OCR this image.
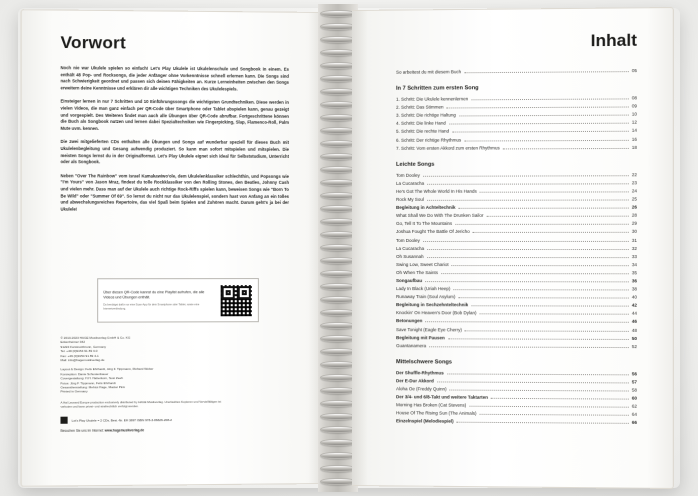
Vorwort
Noch nie war Ukulele spielen so einfach! Let's Play Ukulele ist Ukulelenschule und Songbook in einem. Es enthält 48 Pop- und Rocksongs, die jeder Anfänger ohne Vorkenntnisse schnell erlernen kann. Die Songs sind nach Schwierigkeit geordnet und passen sich deinen Fähigkeiten an. Kurze Lerneinheiten zwischen den Songs erweitern deine Kenntnisse und erklären dir alle wichtigen Techniken des Ukulelespiels.
Einsteiger lernen in nur 7 Schritten und 10 Einführungssongs die wichtigsten Grundtechniken. Diese werden in vielen Videos, die man ganz einfach per QR-Code über Smartphone oder Tablet abspielen kann, genau gezeigt und vorgespielt. Des Weiteren findet man auch alle Übungen über QR-Code abrufbar. Fortgeschrittene können die Buch als Songbook nutzen und lernen dabei Spezialtechniken wie Fingerpicking, Slap, Flamenco-Roll, Palm Mute uvm. kennen.
Die zwei mitgelieferten CDs enthalten alle Übungen und Songs auf wunderbar speziell für dieses Buch mit Ukulelenbegleitung und Gesang aufwendig produziert. So kann man sofort mitspielen und mitspielen. Die meisten Songs lernst du in der Originalformat. Let's Play Ukulele eignet sich ideal für Selbststudium, Unterricht oder als Songbook.
Neben "Over The Rainbow" vom Israel Kamakawiwo'ole, dem Ukulelenklassiker schlechthin, und Popsongs wie "I'm Yours" von Jason Mraz, findest du tolle Rockklassiker von den Rolling Stones, den Beatles, Johnny Cash und vielen mehr. Dass man auf der Ukulele auch richtige Rock-Riffs spielen kann, beweisen Songs wie "Born To Be Wild" oder "Summer Of 69". So lernst du nicht nur das Ukulelenspiel, sondern hast von Anfang an ein tolles und abwechslungsreiches Repertoire, das viel Spaß beim Spielen und Zuhören macht. Darum geht's ja bei der Ukulele!
Über diesen QR-Code kannst du eine Playlist aufrufen, die alle Videos und Übungen enthält.
Du benötigst dafür nur eine Scan-App für dein Smartphone oder Tablet, sowie eine Internetverbindung.
© 2013-2023 HAGE Musikverlag GmbH & Co. KG
Eckenheimer 042
91224 Forstnotzbrunn, Germany
Tel. +49 (0)9154 91 89 4-0
Fax: +49 (0)9154 91 89 4-1
Mail: info@hagemusikverlag.de
Layout & Design: Felix Ehrhardt, Jörg F. Tippmann, Richard Weber
Konzeption: Danie Schustenbauer
Covergestaltung: H.H. Haberkorn, Susi Zeeh
Fotos: Jörg F. Tippmann, Felix Ehrhardt
Gesamtherstellung: Mehtot Hage, Maciar Pink
Printed in Germany
A Hal Leonard Europe production exclusively distributed by HAGE Musikverlag. Unerlaubtes Kopieren und Vervielfältigen ist verboten und kann privat- und strafrechtlich verfolgt werden.
Let's Play Ukulele = 2 CDs, Best.-Nr. EH 3897 ISBN 978-3-86626-208-2
Besuchen Sie uns im Internet: www.hagemusikverlag.de
Inhalt
So arbeitest du mit diesem Buch	05
In 7 Schritten zum ersten Song
1. Schritt: Die Ukulele kennenlernen	08
2. Schritt: Das Stimmen	09
3. Schritt: Die richtige Haltung	10
4. Schritt: Die linke Hand	12
5. Schritt: Die rechte Hand	14
6. Schritt: Der richtige Rhythmus	16
7. Schritt: Vom ersten Akkord zum ersten Rhythmus	18
Leichte Songs
Tom Dooley	22
La Cucaracha	23
He's Got The Whole World In His Hands	24
Rock My Soul	25
Begleitung in Achteltechnik	26
What Shall We Do With The Drunken Sailor	28
Go, Tell It To The Mountains	29
Joshua Fought The Battle Of Jericho	30
Tom Dooley	31
La Cucaracha	32
Oh Susannah	33
Swing Low, Sweet Chariot	34
Oh When The Saints	35
Songaufbau	36
Lady In Black (Uriah Heep)	38
Runaway Train (Soul Asylum)	40
Begleitung in Sechzehnteltechnik	42
Knockin' On Heaven's Door (Bob Dylan)	44
Betonungen	46
Save Tonight (Eagle Eye Cherry)	48
Begleitung mit Pausen	50
Guantanamera	52
Mittelschwere Songs
Der Shuffle-Rhythmus	56
Der E-Dur Akkord	57
Aloha Oe (Freddy Quinn)	58
Der 3/4- und 6/8-Takt und weitere Taktarten	60
Morning Has Broken (Cat Stevens)	62
House Of The Rising Sun (The Animals)	64
Einzelnspiel (Melodiespiel)	66
